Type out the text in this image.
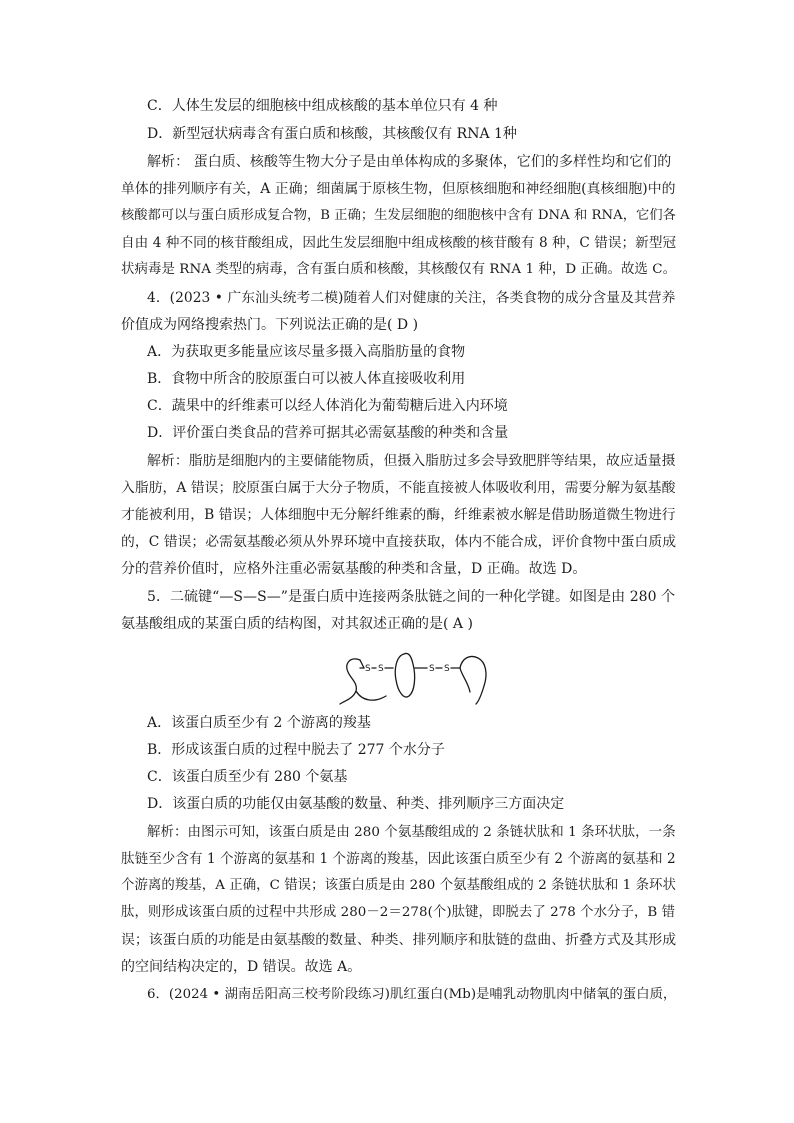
C．人体生发层的细胞核中组成核酸的基本单位只有 4 种
D．新型冠状病毒含有蛋白质和核酸，其核酸仅有 RNA 1种
解析： 蛋白质、核酸等生物大分子是由单体构成的多聚体，它们的多样性均和它们的
单体的排列顺序有关，A 正确；细菌属于原核生物，但原核细胞和神经细胞(真核细胞)中的
核酸都可以与蛋白质形成复合物，B 正确；生发层细胞的细胞核中含有 DNA 和 RNA，它们各
自由 4 种不同的核苷酸组成，因此生发层细胞中组成核酸的核苷酸有 8 种，C 错误；新型冠
状病毒是 RNA 类型的病毒，含有蛋白质和核酸，其核酸仅有 RNA 1 种，D 正确。故选 C。
4．(2023 • 广东汕头统考二模)随着人们对健康的关注，各类食物的成分含量及其营养
价值成为网络搜索热门。下列说法正确的是( D )
A．为获取更多能量应该尽量多摄入高脂肪量的食物
B．食物中所含的胶原蛋白可以被人体直接吸收利用
C．蔬果中的纤维素可以经人体消化为葡萄糖后进入内环境
D．评价蛋白类食品的营养可据其必需氨基酸的种类和含量
解析：脂肪是细胞内的主要储能物质，但摄入脂肪过多会导致肥胖等结果，故应适量摄
入脂肪，A 错误；胶原蛋白属于大分子物质，不能直接被人体吸收利用，需要分解为氨基酸
才能被利用，B 错误；人体细胞中无分解纤维素的酶，纤维素被水解是借助肠道微生物进行
的，C 错误；必需氨基酸必须从外界环境中直接获取，体内不能合成，评价食物中蛋白质成
分的营养价值时，应格外注重必需氨基酸的种类和含量，D 正确。故选 D。
5．二硫键“—S—S—”是蛋白质中连接两条肽链之间的一种化学键。如图是由 280 个
氨基酸组成的某蛋白质的结构图，对其叙述正确的是( A )
S S	S S
A．该蛋白质至少有 2 个游离的羧基
B．形成该蛋白质的过程中脱去了 277 个水分子
C．该蛋白质至少有 280 个氨基
D．该蛋白质的功能仅由氨基酸的数量、种类、排列顺序三方面决定
解析：由图示可知，该蛋白质是由 280 个氨基酸组成的 2 条链状肽和 1 条环状肽，一条
肽链至少含有 1 个游离的氨基和 1 个游离的羧基，因此该蛋白质至少有 2 个游离的氨基和 2
个游离的羧基，A 正确，C 错误；该蛋白质是由 280 个氨基酸组成的 2 条链状肽和 1 条环状
肽，则形成该蛋白质的过程中共形成 280－2＝278(个)肽键，即脱去了 278 个水分子，B 错
误；该蛋白质的功能是由氨基酸的数量、种类、排列顺序和肽链的盘曲、折叠方式及其形成
的空间结构决定的，D 错误。故选 A。
6．(2024 • 湖南岳阳高三校考阶段练习)肌红蛋白(Mb)是哺乳动物肌肉中储氧的蛋白质，
